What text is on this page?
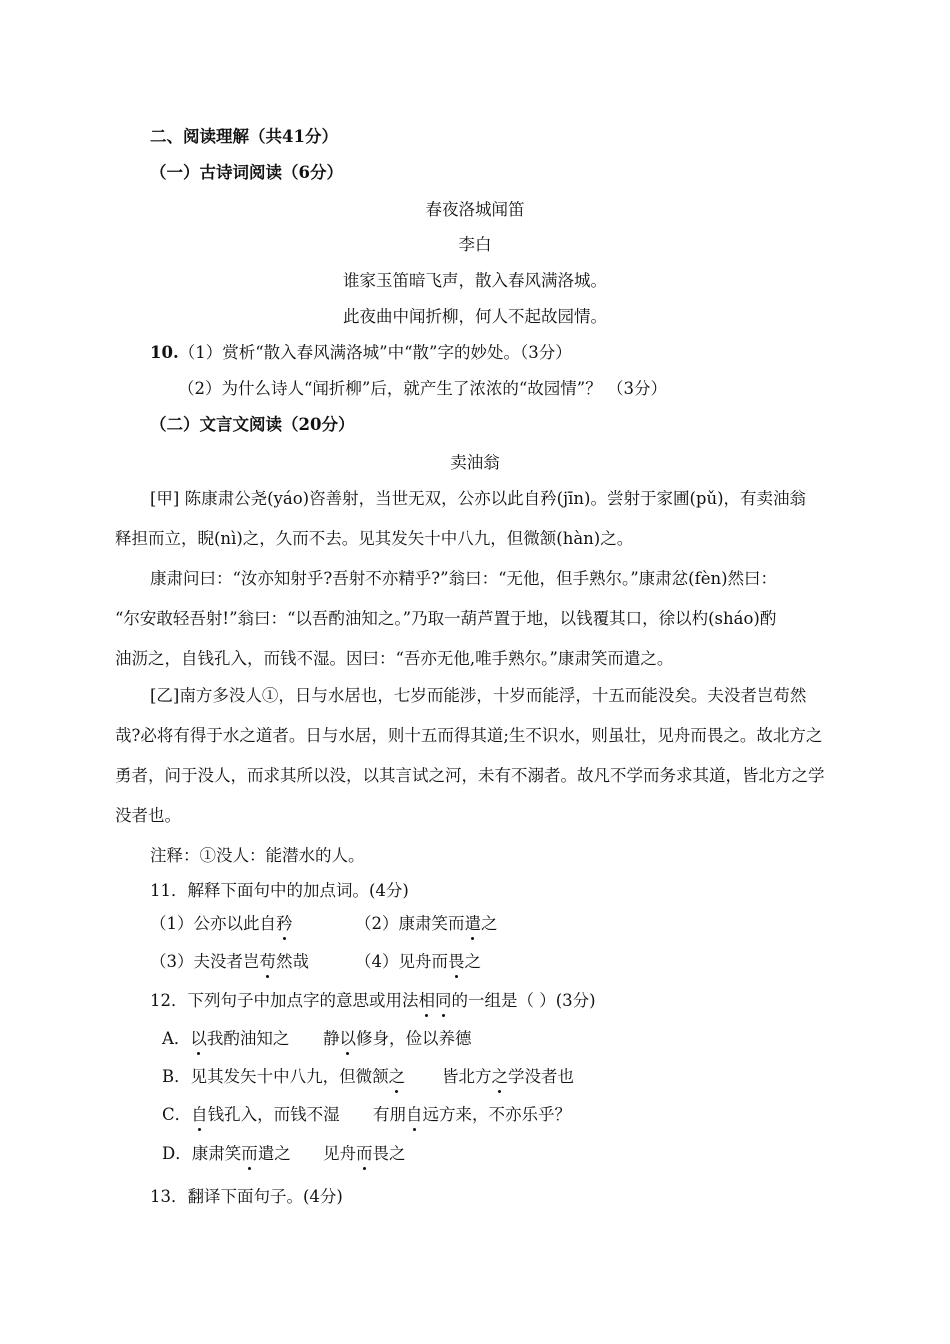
二、阅读理解（共41分）
（一）古诗词阅读（6分）
春夜洛城闻笛
李白
谁家玉笛暗飞声，散入春风满洛城。
此夜曲中闻折柳，何人不起故园情。
10.（1）赏析“散入春风满洛城”中“散”字的妙处。（3分）
（2）为什么诗人“闻折柳”后，就产生了浓浓的“故园情”？ （3分）
（二）文言文阅读（20分）
卖油翁
[甲] 陈康肃公尧(yáo)咨善射，当世无双，公亦以此自矜(jīn)。尝射于家圃(pǔ)，有卖油翁
释担而立，睨(nì)之，久而不去。见其发矢十中八九，但微颔(hàn)之。
康肃问曰：“汝亦知射乎?吾射不亦精乎?”翁曰：“无他，但手熟尔。”康肃忿(fèn)然曰：
“尔安敢轻吾射!”翁曰：“以吾酌油知之。”乃取一葫芦置于地，以钱覆其口，徐以杓(sháo)酌
油沥之，自钱孔入，而钱不湿。因曰：“吾亦无他,唯手熟尔。”康肃笑而遣之。
[乙]南方多没人①，日与水居也，七岁而能涉，十岁而能浮，十五而能没矣。夫没者岂苟然
哉?必将有得于水之道者。日与水居，则十五而得其道;生不识水，则虽壮，见舟而畏之。故北方之
勇者，问于没人，而求其所以没，以其言试之河，未有不溺者。故凡不学而务求其道，皆北方之学
没者也。
注释：①没人：能潜水的人。
11．解释下面句中的加点词。(4分)
（1）公亦以此自矜	（2）康肃笑而遣
之
（3）夫没者岂苟
然哉	（4）见舟而畏
之
12．下列句子中加点字的意思或用法相
同
的一组是（ ）(3分)
A．以
我酌油知之 静以
修身，俭以养德
B．见其发矢十中八九，但微颔之 皆北方之
学没者也
C．自
钱孔入，而钱不湿 有朋自
远方来，不亦乐乎？
D．康肃笑而
遣之 见舟而
畏之
13．翻译下面句子。(4分)
